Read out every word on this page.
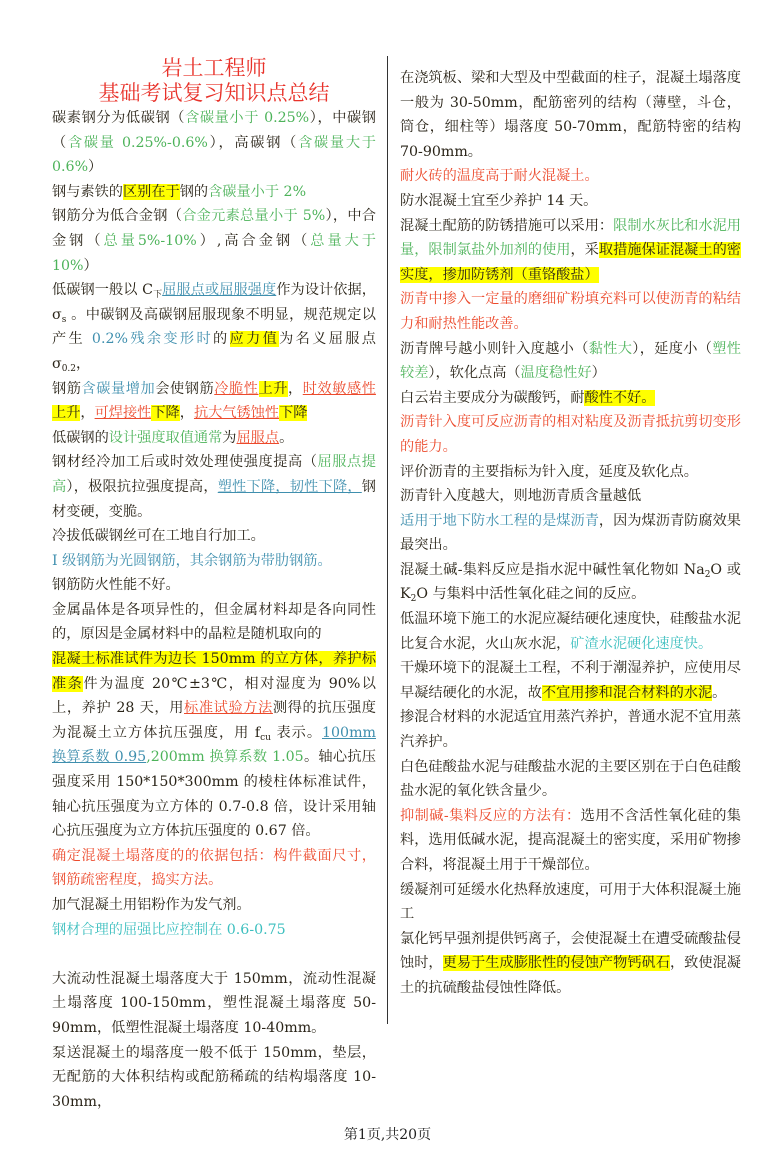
岩土工程师
基础考试复习知识点总结

碳素钢分为低碳钢（含碳量小于 0.25%），中碳钢（含碳量 0.25%-0.6%），高碳钢（含碳量大于 0.6%）

钢与素铁的区别在于钢的含碳量小于 2%

钢筋分为低合金钢（合金元素总量小于 5%），中合金钢（总量5%-10%）,高合金钢（总量大于 10%）

低碳钢一般以 $C_下$屈服点或屈服强度作为设计依据，$\sigma_s$ 。中碳钢及高碳钢屈服现象不明显，规范规定以产生 0.2%残余变形时的应力值为名义屈服点 $\sigma_{0.2}$，

钢筋含碳量增加会使钢筋冷脆性上升，时效敏感性上升，可焊接性下降，抗大气锈蚀性下降

低碳钢的设计强度取值通常为屈服点。

钢材经冷加工后或时效处理使强度提高（屈服点提高），极限抗拉强度提高，塑性下降，韧性下降，钢材变硬，变脆。

冷拔低碳钢丝可在工地自行加工。

I 级钢筋为光圆钢筋，其余钢筋为带肋钢筋。

钢筋防火性能不好。

金属晶体是各项异性的，但金属材料却是各向同性的，原因是金属材料中的晶粒是随机取向的

混凝土标准试件为边长 150mm 的立方体，养护标准条件为温度 20℃±3℃，相对湿度为 90%以上，养护 28 天，用标准试验方法测得的抗压强度为混凝土立方体抗压强度，用 $f_{cu}$ 表示。100mm 换算系数 0.95,200mm 换算系数 1.05。轴心抗压强度采用 150*150*300mm 的棱柱体标准试件，轴心抗压强度为立方体的 0.7-0.8 倍，设计采用轴心抗压强度为立方体抗压强度的 0.67 倍。

确定混凝土塌落度的的依据包括：构件截面尺寸，钢筋疏密程度，捣实方法。

加气混凝土用铝粉作为发气剂。

钢材合理的屈强比应控制在 0.6-0.75

大流动性混凝土塌落度大于 150mm，流动性混凝土塌落度 100-150mm，塑性混凝土塌落度 50-90mm，低塑性混凝土塌落度 10-40mm。

泵送混凝土的塌落度一般不低于 150mm，垫层，无配筋的大体积结构或配筋稀疏的结构塌落度 10-30mm，

在浇筑板、梁和大型及中型截面的柱子，混凝土塌落度一般为 30-50mm，配筋密列的结构（薄壁，斗仓，筒仓，细柱等）塌落度 50-70mm，配筋特密的结构 70-90mm。

耐火砖的温度高于耐火混凝土。

防水混凝土宜至少养护 14 天。

混凝土配筋的防锈措施可以采用：限制水灰比和水泥用量，限制氯盐外加剂的使用，采取措施保证混凝土的密实度，掺加防锈剂（重铬酸盐）

沥青中掺入一定量的磨细矿粉填充料可以使沥青的粘结力和耐热性能改善。

沥青牌号越小则针入度越小（黏性大），延度小（塑性较差），软化点高（温度稳性好）

白云岩主要成分为碳酸钙，耐酸性不好。

沥青针入度可反应沥青的相对粘度及沥青抵抗剪切变形的能力。

评价沥青的主要指标为针入度，延度及软化点。

沥青针入度越大，则地沥青质含量越低

适用于地下防水工程的是煤沥青，因为煤沥青防腐效果最突出。

混凝土碱-集料反应是指水泥中碱性氧化物如 $Na_2O$ 或 $K_2O$ 与集料中活性氧化硅之间的反应。

低温环境下施工的水泥应凝结硬化速度快，硅酸盐水泥比复合水泥，火山灰水泥，矿渣水泥硬化速度快。

干燥环境下的混凝土工程，不利于潮湿养护，应使用尽早凝结硬化的水泥，故不宜用掺和混合材料的水泥。

掺混合材料的水泥适宜用蒸汽养护，普通水泥不宜用蒸汽养护。

白色硅酸盐水泥与硅酸盐水泥的主要区别在于白色硅酸盐水泥的氧化铁含量少。

抑制碱-集料反应的方法有：选用不含活性氧化硅的集料，选用低碱水泥，提高混凝土的密实度，采用矿物掺合料，将混凝土用于干燥部位。

缓凝剂可延缓水化热释放速度，可用于大体积混凝土施工

氯化钙早强剂提供钙离子，会使混凝土在遭受硫酸盐侵蚀时，更易于生成膨胀性的侵蚀产物钙矾石，致使混凝土的抗硫酸盐侵蚀性降低。

第1页,共20页
